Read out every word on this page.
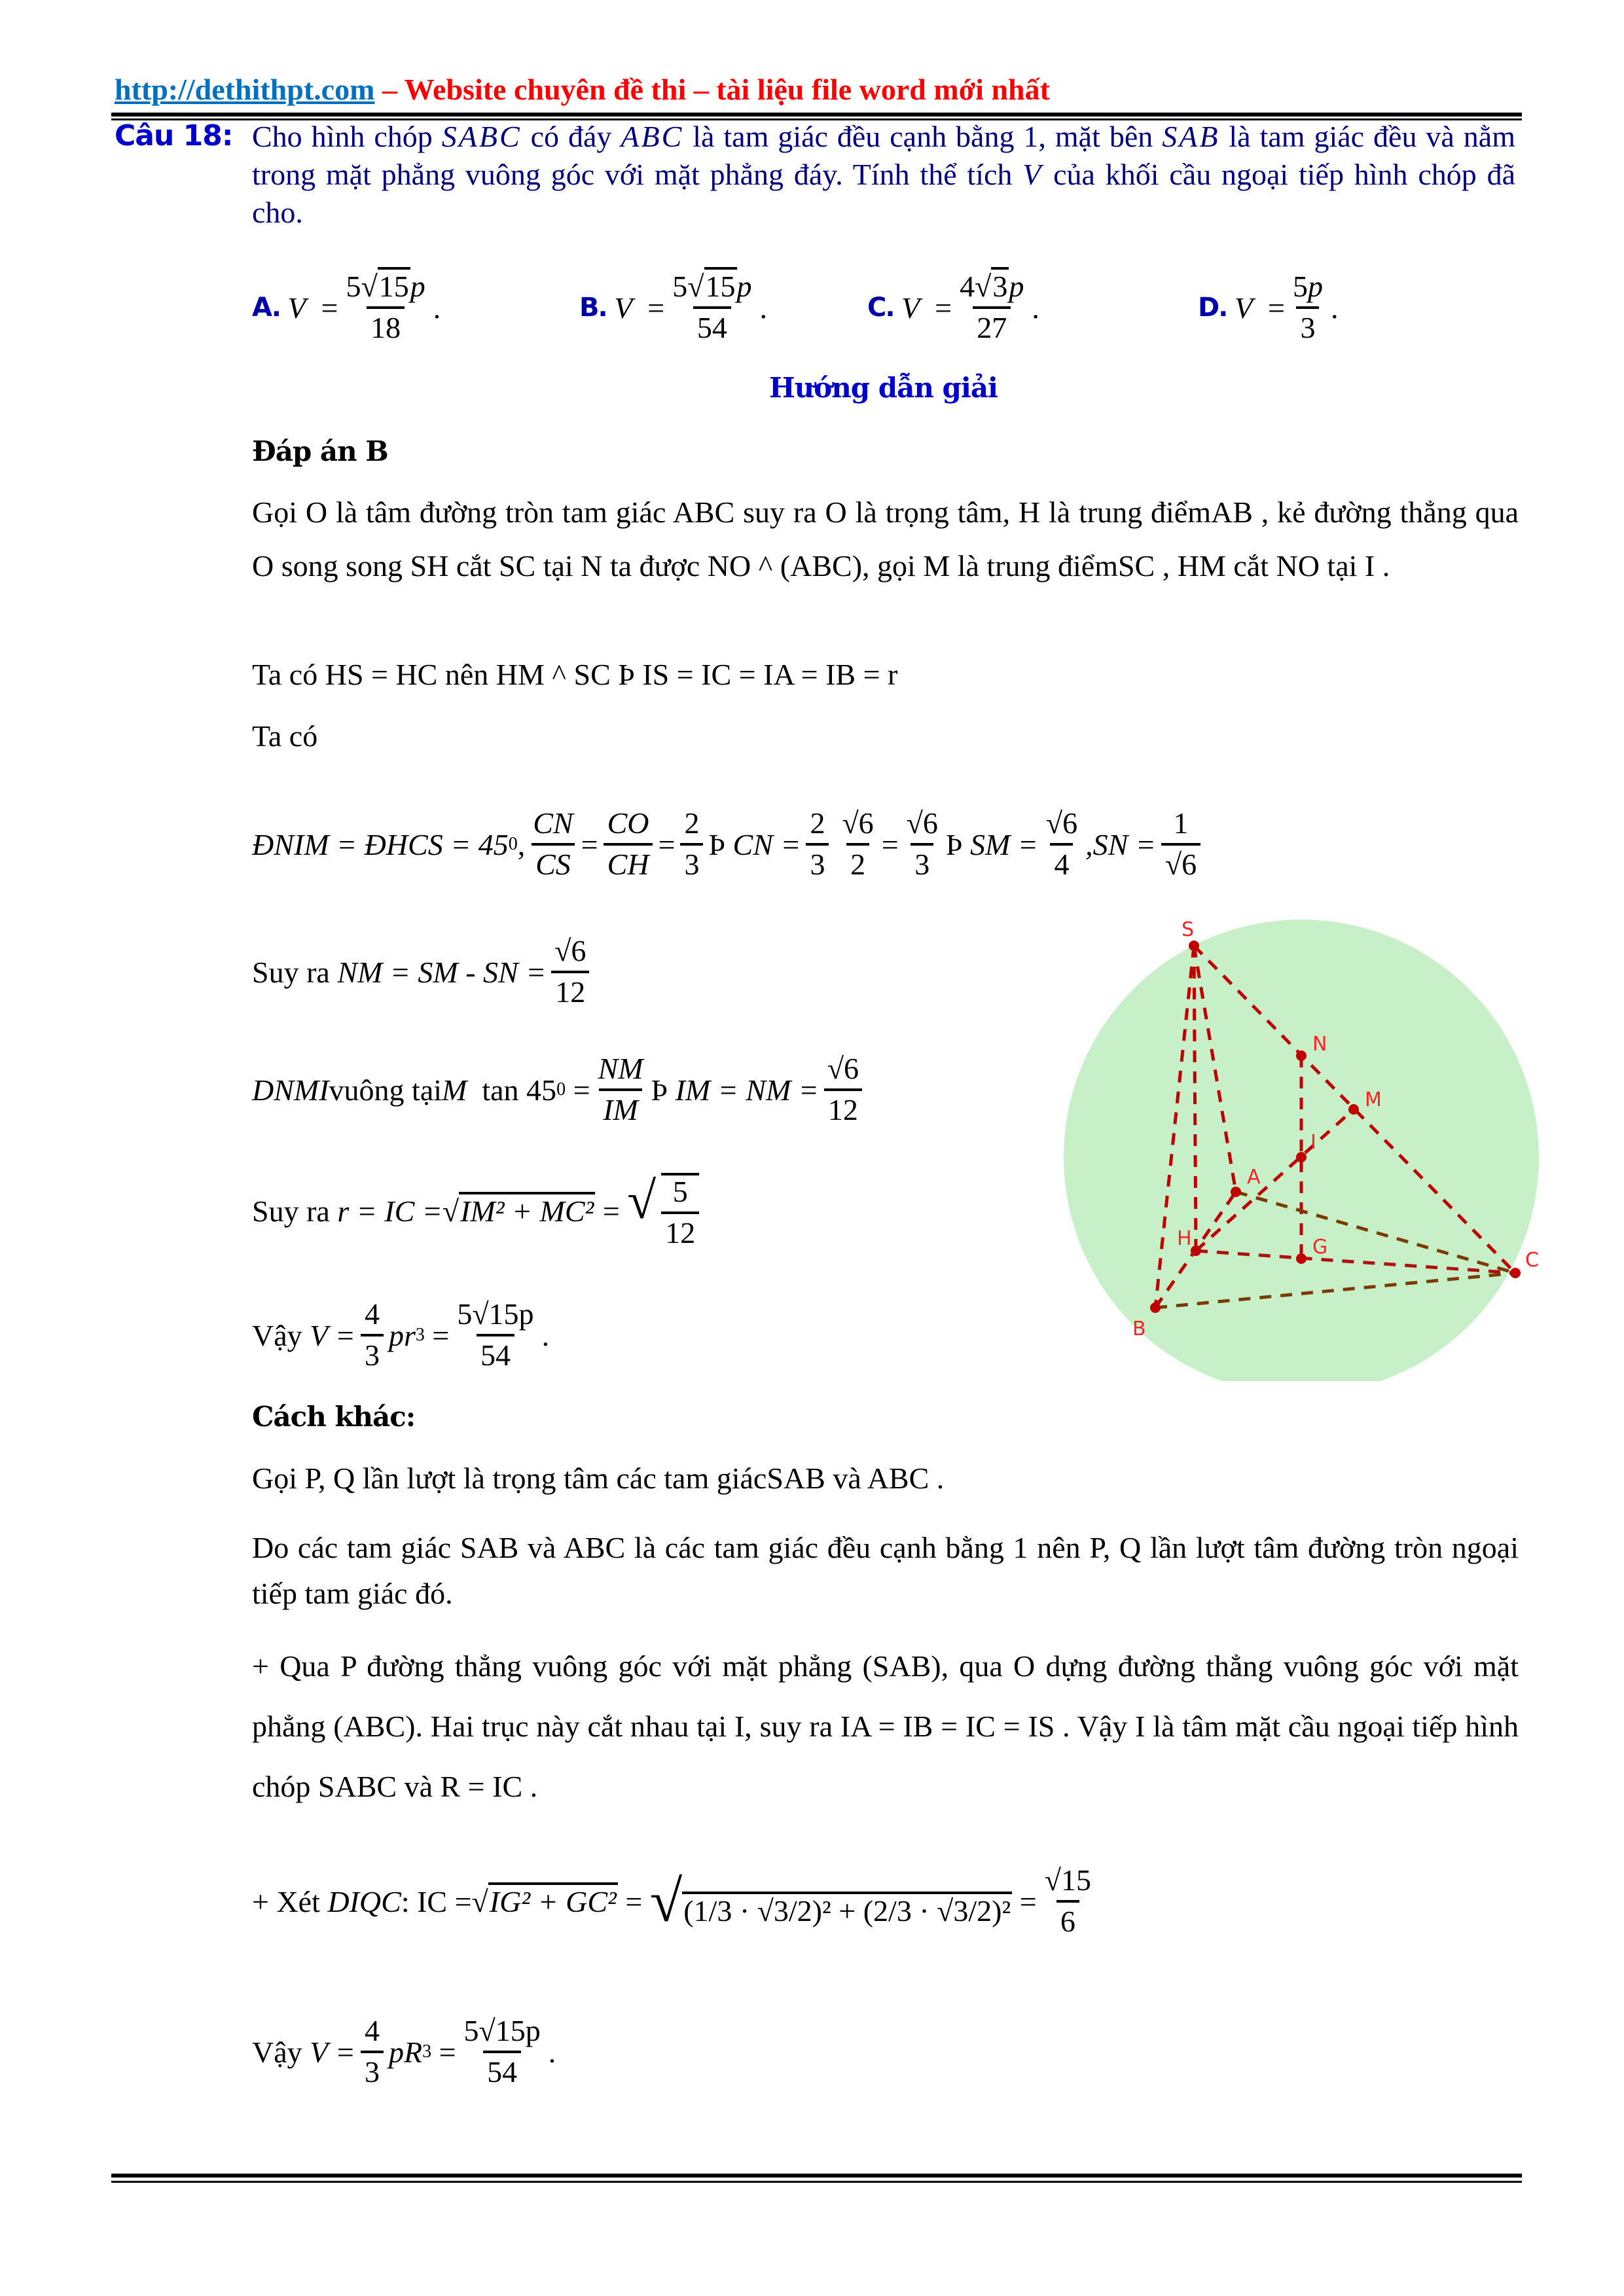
http://dethithpt.com – Website chuyên đề thi – tài liệu file word mới nhất
Câu 18: Cho hình chóp SABC có đáy ABC là tam giác đều cạnh bằng 1, mặt bên SAB là tam giác đều và nằm trong mặt phẳng vuông góc với mặt phẳng đáy. Tính thể tích V của khối cầu ngoại tiếp hình chóp đã cho.
A.
V
= $\frac{5√15p}{18}$ .	B.
V
= $\frac{5√15p}{54}$ .	C.
V
= $\frac{4√3p}{27}$ .	D.
V
= $\frac{5p}{3}$ .
Hướng dẫn giải
Đáp án B
Gọi O là tâm đường tròn tam giác ABC suy ra O là trọng tâm, H là trung điểmAB , kẻ đường thẳng qua O song song SH cắt SC tại N ta được NO ^ (ABC), gọi M là trung điểmSC , HM cắt NO tại I .
Ta có HS = HC nên HM ^ SC Þ IS = IC = IA = IB = r
Ta có
ĐNIM = ĐHCS = 45 0 , $\frac{CN}{CS} = \frac{CO}{CH} = \frac{2}{3}$ Þ
CN = $\frac{2}{3} \frac{√6}{2} = \frac{√6}{3}$ Þ
SM = $\frac{√6}{4} ,SN = \frac{1}{√6}$
Suy ra
NM = SM - SN = $\frac{√6}{12}$
DNMI vuông tại M
tan 45 0
= $\frac{NM}{IM}$ Þ
IM = NM = $\frac{√6}{12}$
Suy ra
r = IC = √IM² + MC²
=
√ $\frac{5}{12}$
Vậy
$V = \frac{4}{3}$ pr 3
= $\frac{5√15p}{54}$ .
Cách khác:
Gọi P, Q lần lượt là trọng tâm các tam giácSAB và ABC .
Do các tam giác SAB và ABC là các tam giác đều cạnh bằng 1 nên P, Q lần lượt tâm đường tròn ngoại tiếp tam giác đó.
+ Qua P đường thẳng vuông góc với mặt phẳng (SAB), qua O dựng đường thẳng vuông góc với mặt phẳng (ABC). Hai trục này cắt nhau tại I, suy ra IA = IB = IC = IS . Vậy I là tâm mặt cầu ngoại tiếp hình chóp SABC và R = IC .
+ Xét
DIQC : IC = √IG² + GC²
=
√(1/3 · √3/2)² + (2/3 · √3/2)²
= $\frac{√15}{6}$
Vậy
$V = \frac{4}{3}$ pR 3
= $\frac{5√15p}{54}$ .
S
N
M
I
A
H	G
C
B
